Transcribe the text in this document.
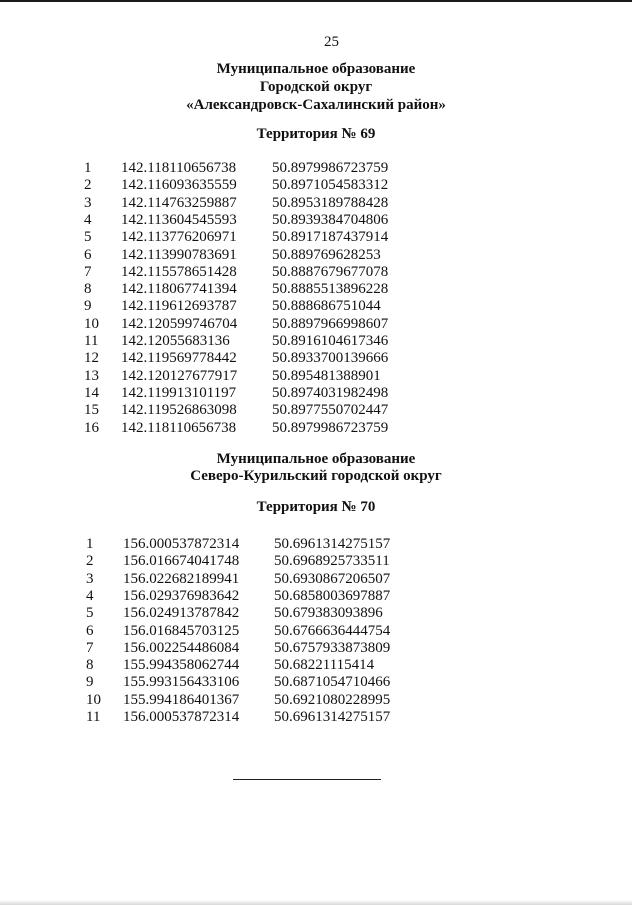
25
Муниципальное образование
Городской округ
«Александровск-Сахалинский район»
Территория № 69
1 142.118110656738 50.8979986723759
2 142.116093635559 50.8971054583312
3 142.114763259887 50.8953189788428
4 142.113604545593 50.8939384704806
5 142.113776206971 50.8917187437914
6 142.113990783691 50.889769628253
7 142.115578651428 50.8887679677078
8 142.118067741394 50.8885513896228
9 142.119612693787 50.888686751044
10 142.120599746704 50.8897966998607
11 142.12055683136	50.8916104617346
12 142.119569778442 50.8933700139666
13 142.120127677917 50.895481388901
14 142.119913101197 50.8974031982498
15 142.119526863098 50.8977550702447
16 142.118110656738 50.8979986723759
Муниципальное образование
Северо-Курильский городской округ
Территория № 70
1 156.000537872314 50.6961314275157
2 156.016674041748 50.6968925733511
3 156.022682189941 50.6930867206507
4 156.029376983642 50.6858003697887
5 156.024913787842 50.679383093896
6 156.016845703125 50.6766636444754
7 156.002254486084 50.6757933873809
8 155.994358062744 50.68221115414
9 155.993156433106 50.6871054710466
10 155.994186401367 50.6921080228995
11 156.000537872314 50.6961314275157
